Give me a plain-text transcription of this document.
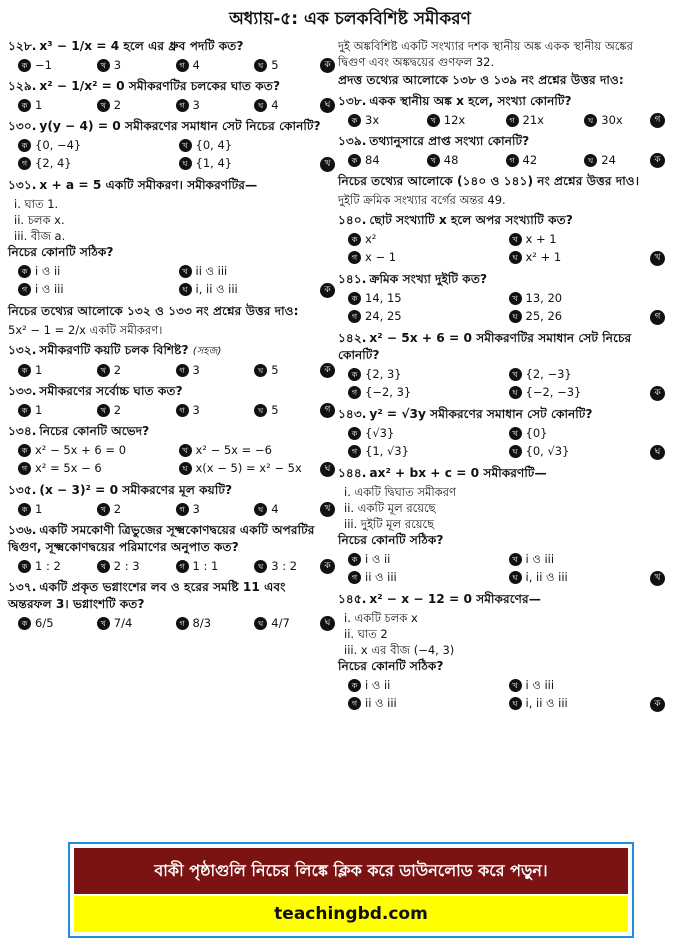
অধ্যায়-৫: এক চলকবিশিষ্ট সমীকরণ
১২৮. x³ − 1/x = 4 হলে এর ধ্রুব পদটি কত?
ক −1	খ 3	গ 4	ঘ 5	ক
১২৯. x² − 1/x² = 0 সমীকরণটির চলকের ঘাত কত?
ক 1	খ 2	গ 3	ঘ 4	ঘ
১৩০. y(y − 4) = 0 সমীকরণের সমাধান সেট নিচের কোনটি?
ক {0, −4}	খ {0, 4}
গ {2, 4}	ঘ {1, 4}	খ
১৩১. x + a = 5 একটি সমীকরণ। সমীকরণটির—
i. ঘাত 1.
ii. চলক x.
iii. বীজ a.
নিচের কোনটি সঠিক?
ক i ও ii	খ ii ও iii
গ i ও iii	ঘ i, ii ও iii	ক
নিচের তথ্যের আলোকে ১৩২ ও ১৩৩ নং প্রশ্নের উত্তর দাও:
5x² − 1 = 2/x একটি সমীকরণ।
১৩২. সমীকরণটি কয়টি চলক বিশিষ্ট? (সহজ)
ক 1	খ 2	গ 3	ঘ 5	ক
১৩৩. সমীকরণের সর্বোচ্চ ঘাত কত?
ক 1	খ 2	গ 3	ঘ 5	গ
১৩৪. নিচের কোনটি অভেদ?
ক x² − 5x + 6 = 0	খ x² − 5x = −6
গ x² = 5x − 6	ঘ x(x − 5) = x² − 5x	ঘ
১৩৫. (x − 3)² = 0 সমীকরণের মূল কয়টি?
ক 1	খ 2	গ 3	ঘ 4	খ
১৩৬. একটি সমকোণী ত্রিভুজের সূক্ষ্মকোণদ্বয়ের একটি অপরটির দ্বিগুণ, সূক্ষ্মকোণদ্বয়ের পরিমাণের অনুপাত কত?
ক 1 : 2	খ 2 : 3	গ 1 : 1	ঘ 3 : 2	ক
১৩৭. একটি প্রকৃত ভগ্নাংশের লব ও হরের সমষ্টি 11 এবং অন্তরফল 3। ভগ্নাংশটি কত?
ক 6/5	খ 7/4	গ 8/3	ঘ 4/7	ঘ
দুই অঙ্কবিশিষ্ট একটি সংখ্যার দশক স্থানীয় অঙ্ক একক স্থানীয় অঙ্কের দ্বিগুণ এবং অঙ্কদ্বয়ের গুণফল 32.
প্রদত্ত তথ্যের আলোকে ১৩৮ ও ১৩৯ নং প্রশ্নের উত্তর দাও:
১৩৮. একক স্থানীয় অঙ্ক x হলে, সংখ্যা কোনটি?
ক 3x	খ 12x	গ 21x	ঘ 30x	গ
১৩৯. তথ্যানুসারে প্রাপ্ত সংখ্যা কোনটি?
ক 84	খ 48	গ 42	ঘ 24	ক
নিচের তথ্যের আলোকে (১৪০ ও ১৪১) নং প্রশ্নের উত্তর দাও।
দুইটি ক্রমিক সংখ্যার বর্গের অন্তর 49.
১৪০. ছোট সংখ্যাটি x হলে অপর সংখ্যাটি কত?
ক x²	খ x + 1
গ x − 1	ঘ x² + 1	খ
১৪১. ক্রমিক সংখ্যা দুইটি কত?
ক 14, 15	খ 13, 20
গ 24, 25	ঘ 25, 26	গ
১৪২. x² − 5x + 6 = 0 সমীকরণটির সমাধান সেট নিচের কোনটি?
ক {2, 3}	খ {2, −3}
গ {−2, 3}	ঘ {−2, −3}	ক
১৪৩. y² = √3y সমীকরণের সমাধান সেট কোনটি?
ক {√3}	খ {0}
গ {1, √3}	ঘ {0, √3}	ঘ
১৪৪. ax² + bx + c = 0 সমীকরণটি—
i. একটি দ্বিঘাত সমীকরণ
ii. একটি মূল রয়েছে
iii. দুইটি মূল রয়েছে
নিচের কোনটি সঠিক?
ক i ও ii	খ i ও iii
গ ii ও iii	ঘ i, ii ও iii	খ
১৪৫. x² − x − 12 = 0 সমীকরণের—
i. একটি চলক x
ii. ঘাত 2
iii. x এর বীজ (−4, 3)
নিচের কোনটি সঠিক?
ক i ও ii	খ i ও iii
গ ii ও iii	ঘ i, ii ও iii	ক
বাকী পৃষ্ঠাগুলি নিচের লিঙ্কে ক্লিক করে ডাউনলোড করে পড়ুন।
teachingbd.com
